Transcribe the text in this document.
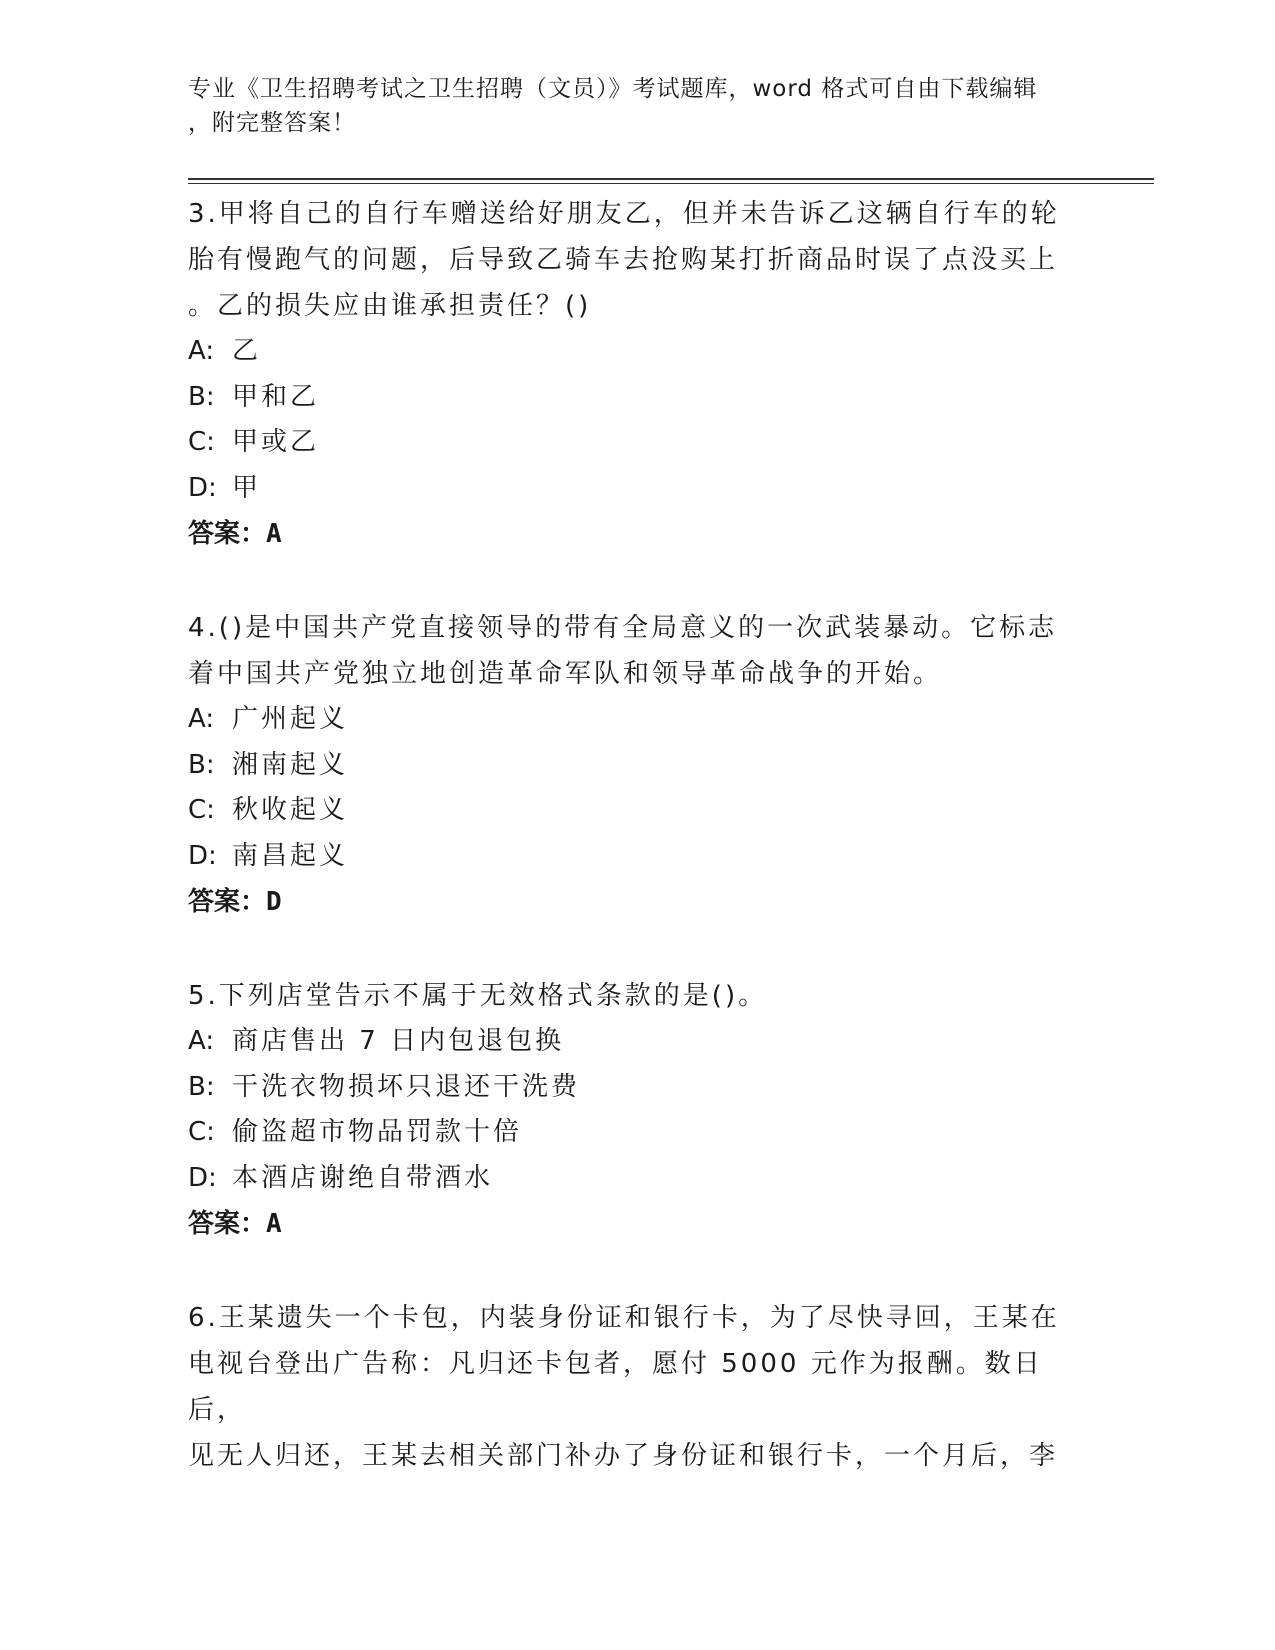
专业《卫生招聘考试之卫生招聘（文员）》考试题库，word 格式可自由下载编辑
，附完整答案！
3.甲将自己的自行车赠送给好朋友乙，但并未告诉乙这辆自行车的轮
胎有慢跑气的问题，后导致乙骑车去抢购某打折商品时误了点没买上
。乙的损失应由谁承担责任？()
A: 乙
B: 甲和乙
C: 甲或乙
D: 甲
答案：A
4.()是中国共产党直接领导的带有全局意义的一次武装暴动。它标志
着中国共产党独立地创造革命军队和领导革命战争的开始。
A: 广州起义
B: 湘南起义
C: 秋收起义
D: 南昌起义
答案：D
5.下列店堂告示不属于无效格式条款的是()。
A: 商店售出 7 日内包退包换
B: 干洗衣物损坏只退还干洗费
C: 偷盗超市物品罚款十倍
D: 本酒店谢绝自带酒水
答案：A
6.王某遗失一个卡包，内装身份证和银行卡，为了尽快寻回，王某在
电视台登出广告称：凡归还卡包者，愿付 5000 元作为报酬。数日后，
见无人归还，王某去相关部门补办了身份证和银行卡，一个月后，李
